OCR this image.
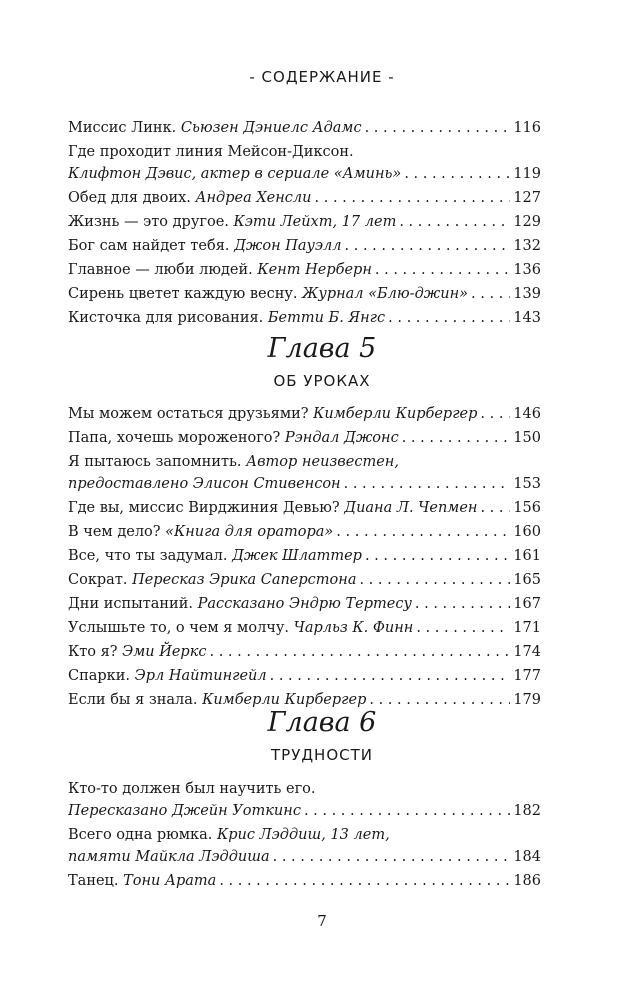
- СОДЕРЖАНИЕ -
Миссис Линк. Сьюзен Дэниелс Адамс . . .	116
Где проходит линия Мейсон-Диксон.
Клифтон Дэвис, актер в сериале «Аминь» . . .	119
Обед для двоих. Андреа Хенсли . . .	127
Жизнь — это другое. Кэти Лейхт, 17 лет . . .	129
Бог сам найдет тебя. Джон Пауэлл . . .	132
Главное — люби людей. Кент Нерберн . . .	136
Сирень цветет каждую весну. Журнал «Блю-джин» . . .	139
Кисточка для рисования. Бетти Б. Янгс . . .	143
Глава 5
ОБ УРОКАХ
Мы можем остаться друзьями? Кимберли Кирбергер . . . 146
Папа, хочешь мороженого? Рэндал Джонс . . .	150
Я пытаюсь запомнить. Автор неизвестен,
предоставлено Элисон Стивенсон . . .	153
Где вы, миссис Вирджиния Девью? Диана Л. Чепмен . . . 156
В чем дело? «Книга для оратора» . . .	160
Все, что ты задумал. Джек Шлаттер . . .	161
Сократ. Пересказ Эрика Саперстона . . .	165
Дни испытаний. Рассказано Эндрю Тертесу . . .	167
Услышьте то, о чем я молчу. Чарльз К. Финн . . .	171
Кто я? Эми Йеркс . . .	174
Спарки. Эрл Найтингейл . . .	177
Если бы я знала. Кимберли Кирбергер . . .	179
Глава 6
ТРУДНОСТИ
Кто-то должен был научить его.
Пересказано Джейн Уоткинс . . .	182
Всего одна рюмка. Крис Лэддиш, 13 лет,
памяти Майкла Лэддиша . . .	184
Танец. Тони Арата . . .	186
7
